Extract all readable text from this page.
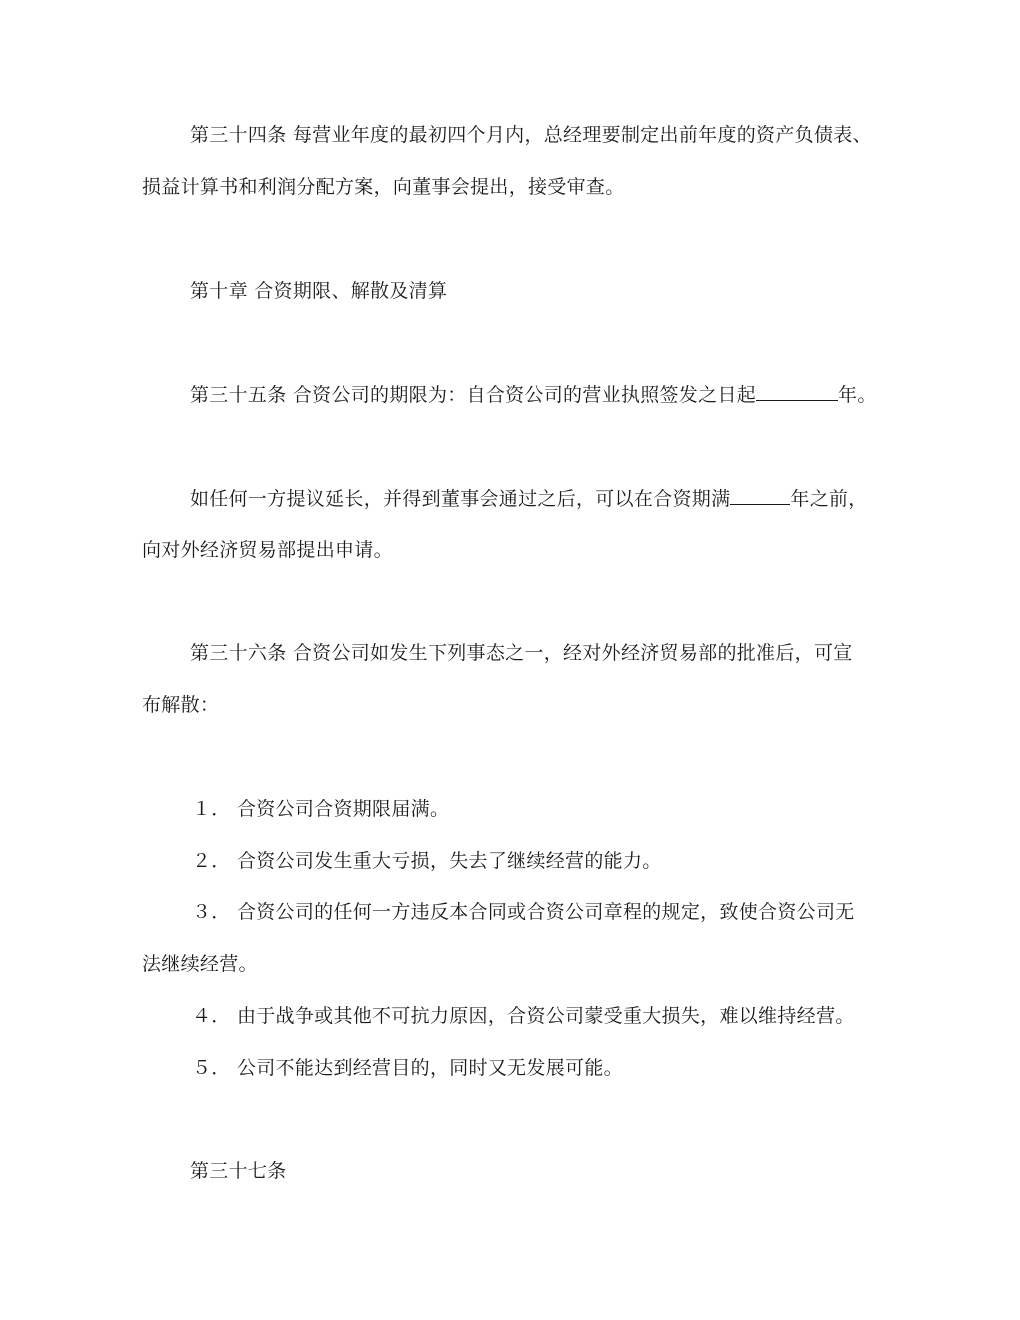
第三十四条 每营业年度的最初四个月内，总经理要制定出前年度的资产负债表、
损益计算书和利润分配方案，向董事会提出，接受审查。
第十章 合资期限、解散及清算
第三十五条 合资公司的期限为：自合资公司的营业执照签发之日起	年。
如任何一方提议延长，并得到董事会通过之后，可以在合资期满	年之前，
向对外经济贸易部提出申请。
第三十六条 合资公司如发生下列事态之一，经对外经济贸易部的批准后，可宣
布解散：
１． 合资公司合资期限届满。
２． 合资公司发生重大亏损，失去了继续经营的能力。
３． 合资公司的任何一方违反本合同或合资公司章程的规定，致使合资公司无
法继续经营。
４． 由于战争或其他不可抗力原因，合资公司蒙受重大损失，难以维持经营。
５． 公司不能达到经营目的，同时又无发展可能。
第三十七条
